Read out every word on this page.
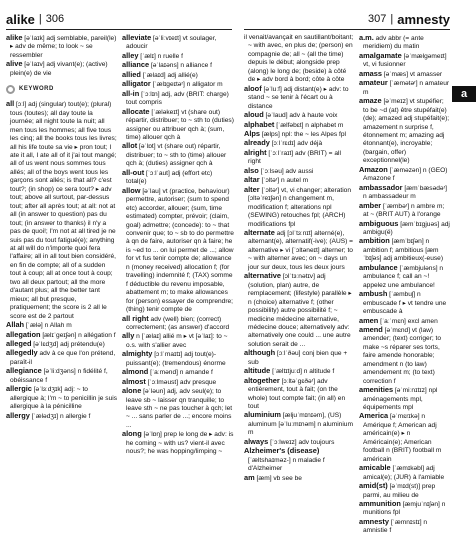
alike | 306	307 | amnesty
a

alike [əˈlaɪk] adj semblable, pareil(le) ▸ adv de même; to look ~ se ressembler

alive [əˈlaɪv] adj vivant(e); (active) plein(e) de vie

KEYWORD

all [ɔːl] adj (singular) tout(e); (plural) tous (toutes); all day toute la journée; all night toute la nuit; all men tous les hommes; all five tous les cinq; all the books tous les livres; all his life toute sa vie ▸ pron tout; I ate it all, I ate all of it j'ai tout mangé; all of us went nous sommes tous allés; all of the boys went tous les garçons sont allés; is that all? c'est tout?; (in shop) ce sera tout? ▸ adv tout; above all surtout, par-dessus tout; after all après tout; at all: not at all (in answer to question) pas du tout; (in answer to thanks) il n'y a pas de quoi!; I'm not at all tired je ne suis pas du tout fatigué(e); anything at all will do n'importe quoi fera l'affaire; all in all tout bien considéré, en fin de compte; all of a sudden tout à coup; all at once tout à coup; two all deux partout; all the more d'autant plus; all the better tant mieux; all but presque, pratiquement; the score is 2 all le score est de 2 partout

Allah [ˈælə] n Allah m

allegation [ælɪˈgeɪʃən] n allégation f

alleged [əˈlɛdʒd] adj prétendu(e)

allegedly adv à ce que l'on prétend, paraît-il

allegiance [əˈliːdʒəns] n fidélité f, obéissance f

allergic [əˈlɜːdʒɪk] adj: ~ to allergique à; I'm ~ to penicillin je suis allergique à la pénicilline

allergy [ˈælədʒɪ] n allergie f

alleviate [əˈliːvɪeɪt] vt soulager, adoucir

alley [ˈælɪ] n ruelle f

alliance [əˈlaɪəns] n alliance f

allied [ˈælaɪd] adj allié(e)

alligator [ˈælɪgeɪtəʳ] n alligator m

all-in [ˈɔːlɪn] adj, adv (BRIT: charge) tout compris

allocate [ˈæləkeɪt] vt (share out) répartir, distribuer; to ~ sth to (duties) assigner ou attribuer qch à; (sum, time) allouer qch à

allot [əˈlɒt] vt (share out) répartir, distribuer; to ~ sth to (time) allouer qch à; (duties) assigner qch à

all-out [ˈɔːlˈaut] adj (effort etc) total(e)

allow [əˈlau] vt (practice, behaviour) permettre, autoriser; (sum to spend etc) accorder, allouer; (sum, time estimated) compter, prévoir; (claim, goal) admettre; (concede): to ~ that convenir que; to ~ sb to do permettre à qn de faire, autoriser qn à faire; he is ~ed to ... on lui permet de ...; allow for vt fus tenir compte de; allowance n (money received) allocation f; (for travelling) indemnité f; (TAX) somme f déductible du revenu imposable, abattement m; to make allowances for (person) essayer de comprendre; (thing) tenir compte de

all right adv (well) bien; (correct) correctement; (as answer) d'accord

ally n [ˈælaɪ] allié m ▸ vt [əˈlaɪ]: to ~ o.s. with s'allier avec

almighty [ɔːlˈmaɪtɪ] adj tout(e)-puissant(e); (tremendous) énorme

almond [ˈaːmənd] n amande f

almost [ˈɔːlməust] adv presque

alone [əˈləun] adj, adv seul(e); to leave sb ~ laisser qn tranquille; to leave sth ~ ne pas toucher à qch; let ~ ... sans parler de ...; encore moins ...

along [əˈlɒŋ] prep le long de ▸ adv: is he coming ~ with us? vient-il avec nous?; he was hopping/limping ~

il venait/avançait en sautillant/boitant; ~ with avec, en plus de; (person) en compagnie de; all ~ (all the time) depuis le début; alongside prep (along) le long de; (beside) à côté de ▸ adv bord à bord; côte à côte

aloof [əˈluːf] adj distant(e) ▸ adv: to stand ~ se tenir à l'écart ou à distance

aloud [əˈlaud] adv à haute voix

alphabet [ˈælfəbɛt] n alphabet m

Alps [ælps] npl: the ~ les Alpes fpl

already [ɔːlˈrɛdɪ] adv déjà

alright [ˈɔːlˈraɪt] adv (BRIT) = all right

also [ˈɔːlsəu] adv aussi

altar [ˈɔltəʳ] n autel m

alter [ˈɔltəʳ] vt, vi changer; alteration [ɔltəˈreɪʃən] n changement m, modification f; alterations npl (SEWING) retouches fpl; (ARCH) modifications fpl

alternate adj [ɔlˈtɜːnɪt] alterné(e), alternant(e), alternatif(-ive); (AUS) = alternative ▸ vi [ˈɔltəneɪt] alterner; to ~ with alterner avec; on ~ days un jour sur deux, tous les deux jours

alternative [ɔlˈtɜːnətɪv] adj (solution, plan) autre, de remplacement; (lifestyle) parallèle ▸ n (choice) alternative f; (other possibility) autre possibilité f; ~ medicine médecine alternative, médecine douce; alternatively adv: alternatively one could ... une autre solution serait de ...

although [ɔːlˈðəu] conj bien que + sub

altitude [ˈæltɪtjuːd] n altitude f

altogether [ɔːltəˈgɛðəʳ] adv entièrement, tout à fait; (on the whole) tout compte fait; (in all) en tout

aluminium [æljuˈmɪnɪəm], (US) aluminum [əˈluːmɪnəm] n aluminium m

always [ˈɔːlweɪz] adv toujours

Alzheimer's (disease) [ˈæltshaɪməz-] n maladie f d'Alzheimer

am [æm] vb see be

a.m. adv abbr (= ante meridiem) du matin

amalgamate [əˈmælgəmeɪt] vt, vi fusionner

amass [əˈmæs] vt amasser

amateur [ˈæmətəʳ] n amateur m

amaze [əˈmeɪz] vt stupéfier; to be ~d (at) être stupéfait(e) (de); amazed adj stupéfait(e); amazement n surprise f, étonnement m; amazing adj étonnant(e), incroyable; (bargain, offer) exceptionnel(le)

Amazon [ˈæməzən] n (GEO) Amazone f

ambassador [æmˈbæsədəʳ] n ambassadeur m

amber [ˈæmbəʳ] n ambre m; at ~ (BRIT AUT) à l'orange

ambiguous [æmˈbɪgjuəs] adj ambigu(ë)

ambition [æmˈbɪʃən] n ambition f; ambitious [æmˈbɪʃəs] adj ambitieux(-euse)

ambulance [ˈæmbjuləns] n ambulance f; call an ~! appelez une ambulance!

ambush [ˈæmbuʃ] n embuscade f ▸ vt tendre une embuscade à

amen [ˈaːˈmɛn] excl amen

amend [əˈmɛnd] vt (law) amender; (text) corriger; to make ~s réparer ses torts, faire amende honorable; amendment n (to law) amendement m; (to text) correction f

amenities [əˈmiːnɪtɪz] npl aménagements mpl, équipements mpl

America [əˈmɛrɪkə] n Amérique f; American adj américain(e) ▸ n Américain(e); American football n (BRIT) football m américain

amicable [ˈæmɪkəbl] adj amical(e); (JUR) à l'amiable

amid(st) [əˈmɪd(st)] prep parmi, au milieu de

ammunition [æmjuˈnɪʃən] n munitions fpl

amnesty [ˈæmnɪstɪ] n amnistie f
